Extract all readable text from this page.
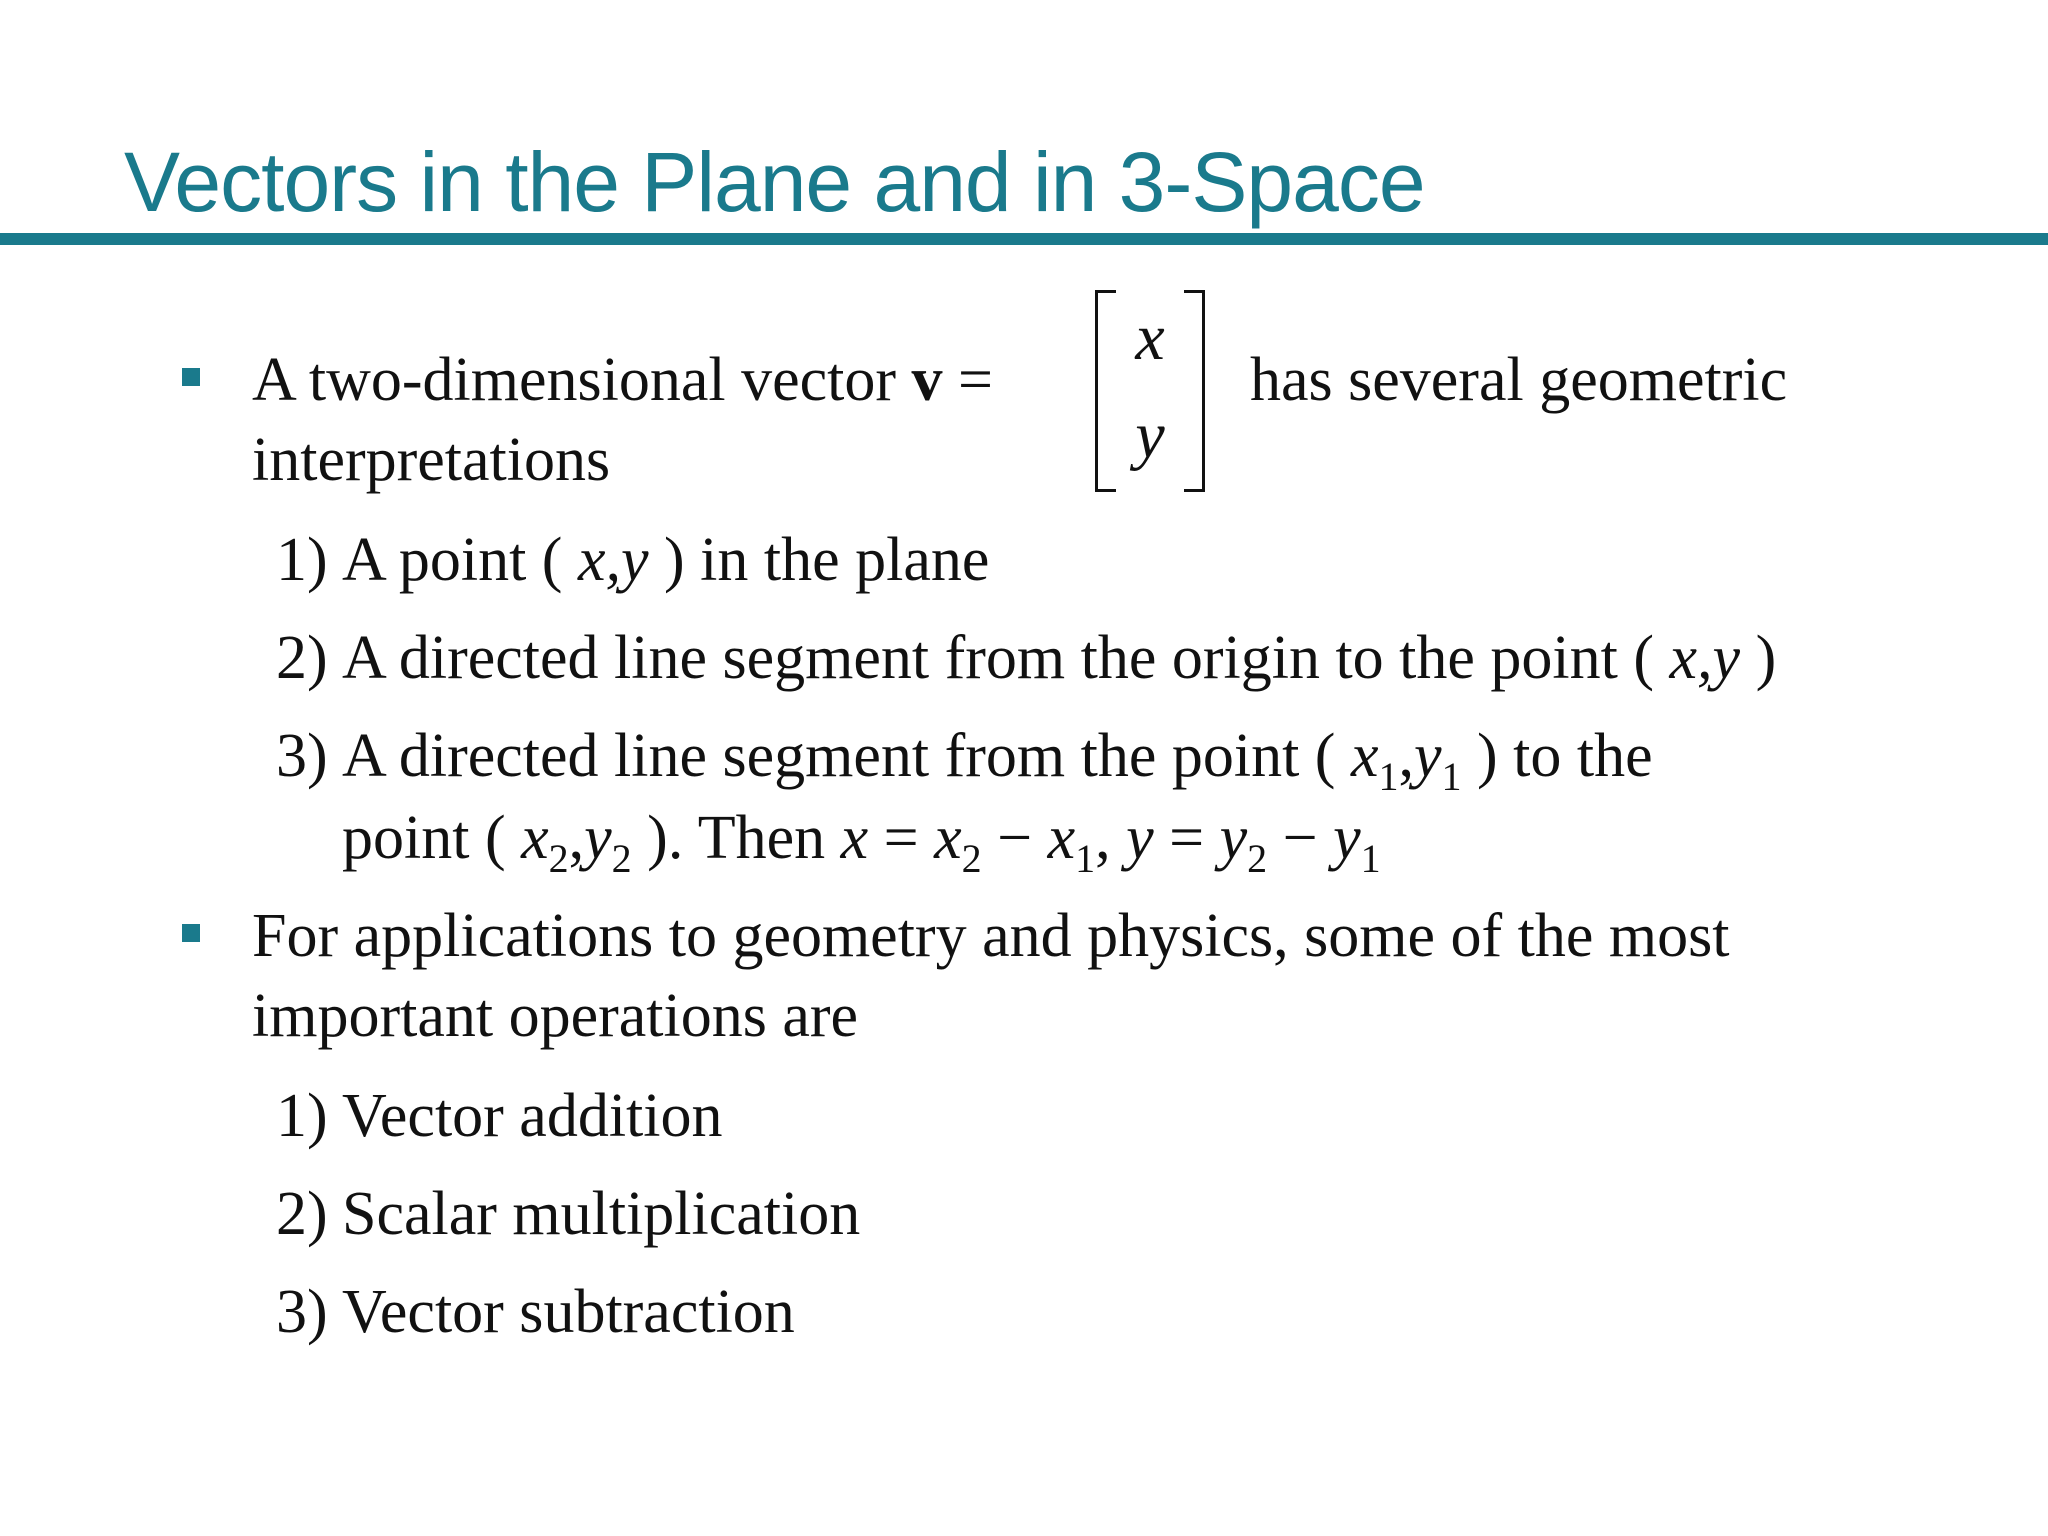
Vectors in the Plane and in 3-Space
A two-dimensional vector v =
x
y
has several geometric
interpretations
1) A point ( x,y ) in the plane
2) A directed line segment from the origin to the point ( x,y )
3) A directed line segment from the point ( $x_1,y_1$ ) to the
point ( $x_2,y_2$ ). Then $x = x_2 - x_1$, $y = y_2 - y_1$
For applications to geometry and physics, some of the most
important operations are
1) Vector addition
2) Scalar multiplication
3) Vector subtraction
